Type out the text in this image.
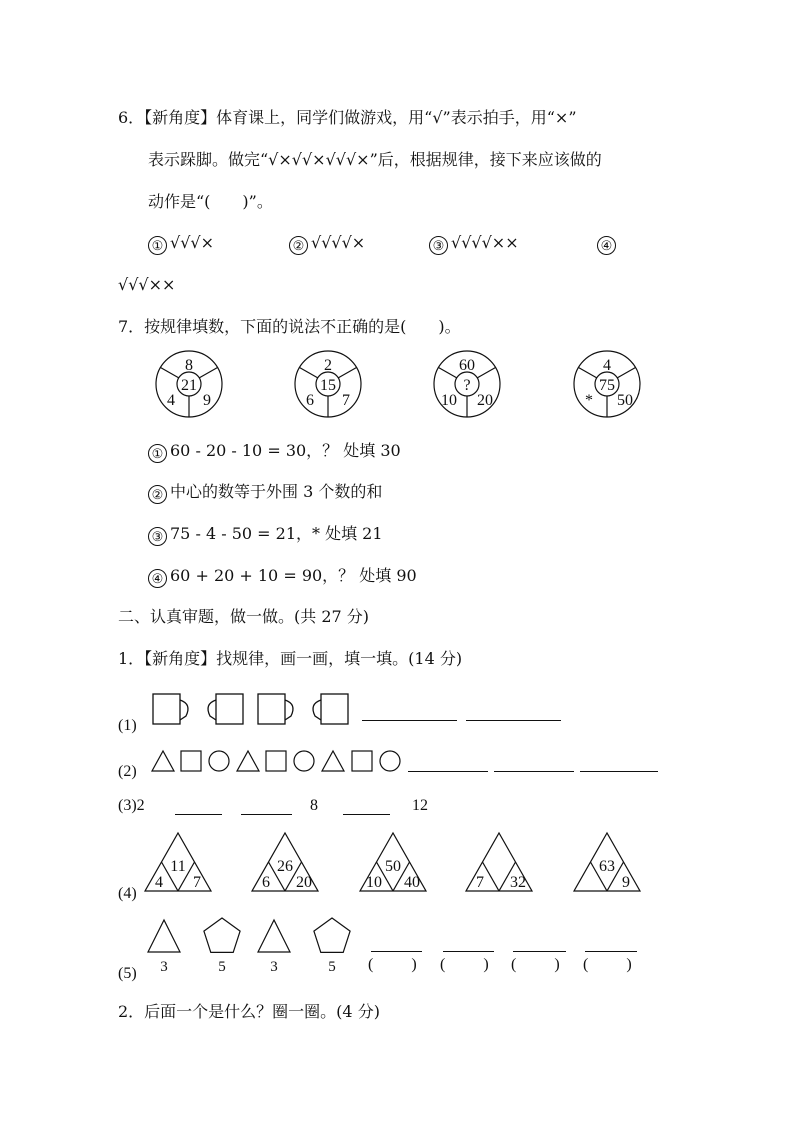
6．【新角度】体育课上，同学们做游戏，用“√”表示拍手，用“×”
表示跺脚。做完“√×√√×√√√×”后，根据规律，接下来应该做的
动作是“(　　)”。
① √√√×	② √√√√×	③ √√√√××	④
√√√××
7．按规律填数，下面的说法不正确的是(　　)。
8
21
4 9
2
15
6 7
60
?
10 20
4
75
* 50
① 60 - 20 - 10 = 30，？ 处填 30
② 中心的数等于外围 3 个数的和
③ 75 - 4 - 50 = 21，* 处填 21
④ 60 + 20 + 10 = 90，？ 处填 90
二、认真审题，做一做。(共 27 分)
1．【新角度】找规律，画一画，填一填。(14 分)
(1)
(2)
(3)2	8	12
(4)
11
4 7
26
6 20
50
10 40	7 32
63
9
(5) 3	5	3	5 (　　) (　　) (　　) (　　)
2．后面一个是什么？圈一圈。(4 分)
